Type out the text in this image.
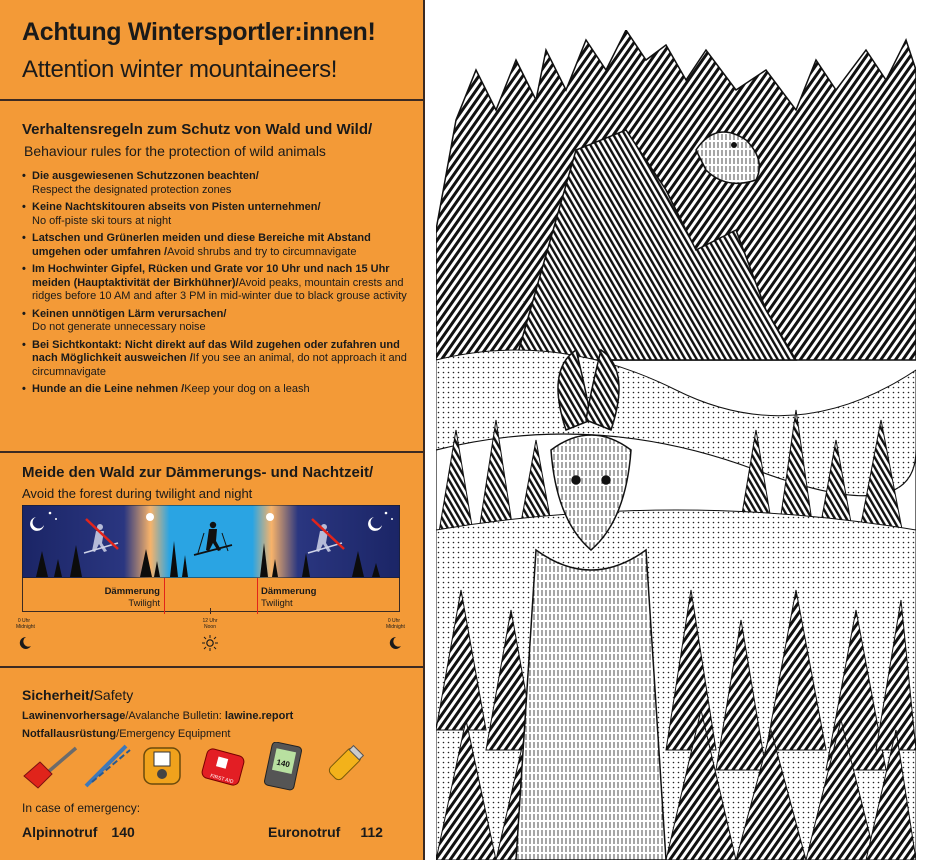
Achtung Wintersportler:innen!
Attention winter mountaineers!
Verhaltensregeln zum Schutz von Wald und Wild/
Behaviour rules for the protection of wild animals
• Die ausgewiesenen Schutzzonen beachten/
Respect the designated protection zones
• Keine Nachtskitouren abseits von Pisten unternehmen/
No off-piste ski tours at night
• Latschen und Grünerlen meiden und diese Bereiche mit Abstand umgehen oder umfahren /Avoid shrubs and try to circumnavigate
• Im Hochwinter Gipfel, Rücken und Grate vor 10 Uhr und nach 15 Uhr meiden (Hauptaktivität der Birkhühner)/Avoid peaks, mountain crests and ridges before 10 AM and after 3 PM in mid-winter due to black grouse activity
• Keinen unnötigen Lärm verursachen/
Do not generate unnecessary noise
• Bei Sichtkontakt: Nicht direkt auf das Wild zugehen oder zufahren und nach Möglichkeit ausweichen /If you see an animal, do not approach it and circumnavigate
• Hunde an die Leine nehmen /Keep your dog on a leash
Meide den Wald zur Dämmerungs- und Nachtzeit/
Avoid the forest during twilight and night
Dämmerung
Twilight
Dämmerung
Twilight
0 Uhr
Midnight
12 Uhr
Noon
0 Uhr
Midnight
Sicherheit/Safety
Lawinenvorhersage/Avalanche Bulletin: lawine.report
Notfallausrüstung/Emergency Equipment
FIRST AID
140
In case of emergency:
Alpinnotruf 140	Euronotruf 112
